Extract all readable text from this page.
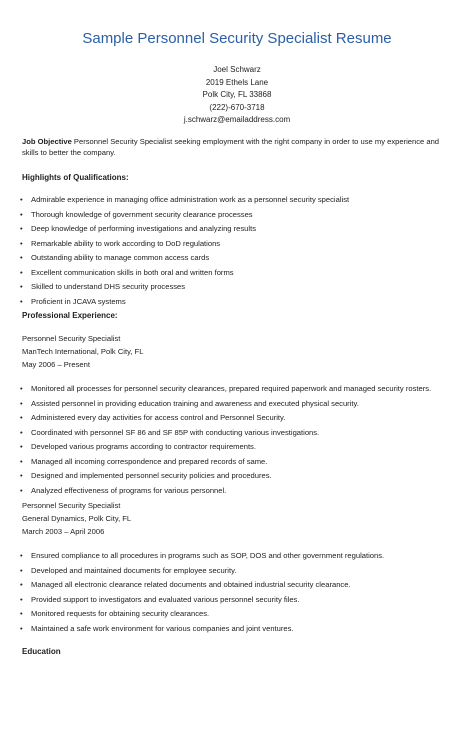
Sample Personnel Security Specialist Resume
Joel Schwarz
2019 Ethels Lane
Polk City, FL 33868
(222)-670-3718
j.schwarz@emailaddress.com

Job Objective Personnel Security Specialist seeking employment with the right company in order to use my experience and skills to better the company.

Highlights of Qualifications:
• Admirable experience in managing office administration work as a personnel security specialist
• Thorough knowledge of government security clearance processes
• Deep knowledge of performing investigations and analyzing results
• Remarkable ability to work according to DoD regulations
• Outstanding ability to manage common access cards
• Excellent communication skills in both oral and written forms
• Skilled to understand DHS security processes
• Proficient in JCAVA systems
Professional Experience:
Personnel Security Specialist
ManTech International, Polk City, FL
May 2006 – Present
• Monitored all processes for personnel security clearances, prepared required paperwork and managed security rosters.
• Assisted personnel in providing education training and awareness and executed physical security.
• Administered every day activities for access control and Personnel Security.
• Coordinated with personnel SF 86 and SF 85P with conducting various investigations.
• Developed various programs according to contractor requirements.
• Managed all incoming correspondence and prepared records of same.
• Designed and implemented personnel security policies and procedures.
• Analyzed effectiveness of programs for various personnel.
Personnel Security Specialist
General Dynamics, Polk City, FL
March 2003 – April 2006
• Ensured compliance to all procedures in programs such as SOP, DOS and other government regulations.
• Developed and maintained documents for employee security.
• Managed all electronic clearance related documents and obtained industrial security clearance.
• Provided support to investigators and evaluated various personnel security files.
• Monitored requests for obtaining security clearances.
• Maintained a safe work environment for various companies and joint ventures.
Education
